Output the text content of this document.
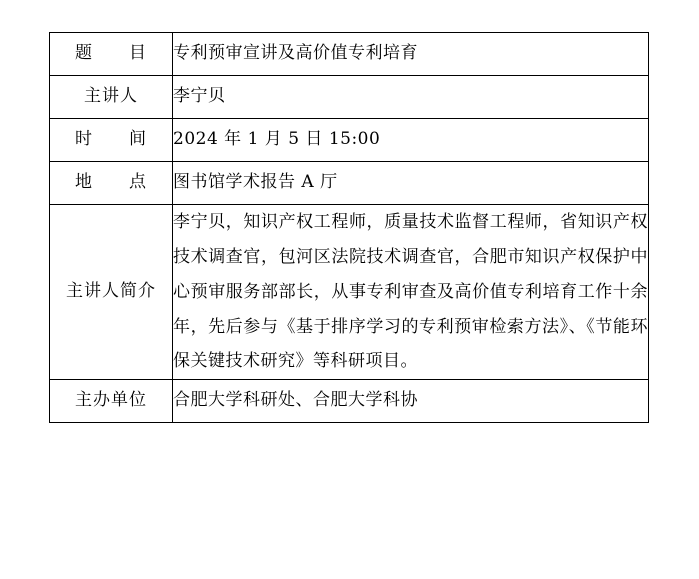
题　　目	专利预审宣讲及高价值专利培育
主讲人	李宁贝
时　　间	2024 年 1 月 5 日 15:00
地　　点	图书馆学术报告 A 厅
主讲人简介	李宁贝，知识产权工程师，质量技术监督工程师，省知识产权技术调查官，包河区法院技术调查官，合肥市知识产权保护中心预审服务部部长，从事专利审查及高价值专利培育工作十余年，先后参与《基于排序学习的专利预审检索方法》、《节能环保关键技术研究》等科研项目。
主办单位	合肥大学科研处、合肥大学科协
